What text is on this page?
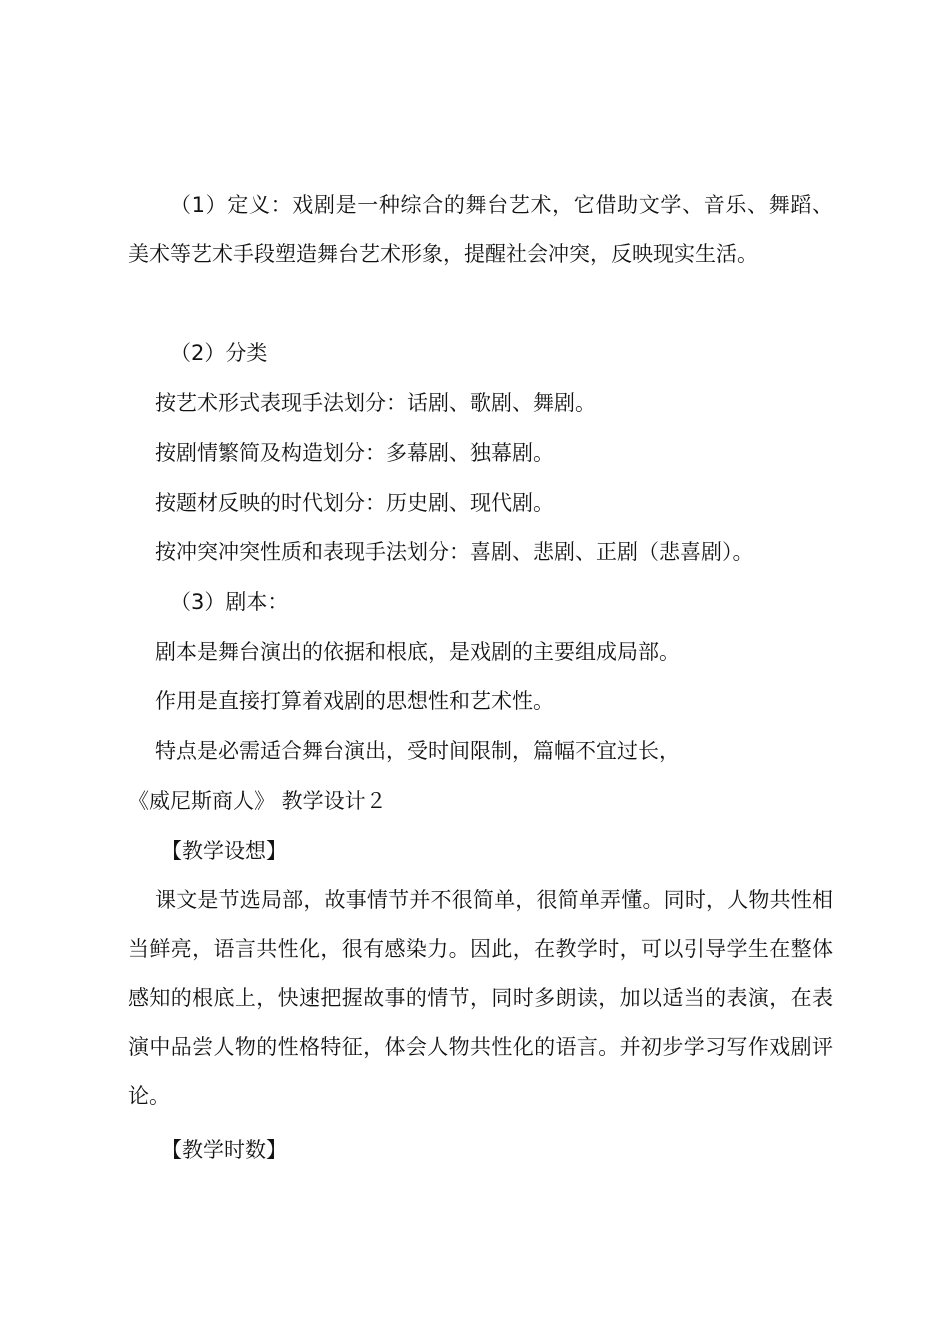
（1）定义：戏剧是一种综合的舞台艺术，它借助文学、音乐、舞蹈、美术等艺术手段塑造舞台艺术形象，提醒社会冲突，反映现实生活。

（2）分类

按艺术形式表现手法划分：话剧、歌剧、舞剧。

按剧情繁简及构造划分：多幕剧、独幕剧。

按题材反映的时代划分：历史剧、现代剧。

按冲突冲突性质和表现手法划分：喜剧、悲剧、正剧（悲喜剧）。

（3）剧本：

剧本是舞台演出的依据和根底，是戏剧的主要组成局部。

作用是直接打算着戏剧的思想性和艺术性。

特点是必需适合舞台演出，受时间限制，篇幅不宜过长，

《威尼斯商人》 教学设计２

【教学设想】

课文是节选局部，故事情节并不很简单，很简单弄懂。同时，人物共性相当鲜亮，语言共性化，很有感染力。因此，在教学时，可以引导学生在整体感知的根底上，快速把握故事的情节，同时多朗读，加以适当的表演，在表演中品尝人物的性格特征，体会人物共性化的语言。并初步学习写作戏剧评论。

【教学时数】
